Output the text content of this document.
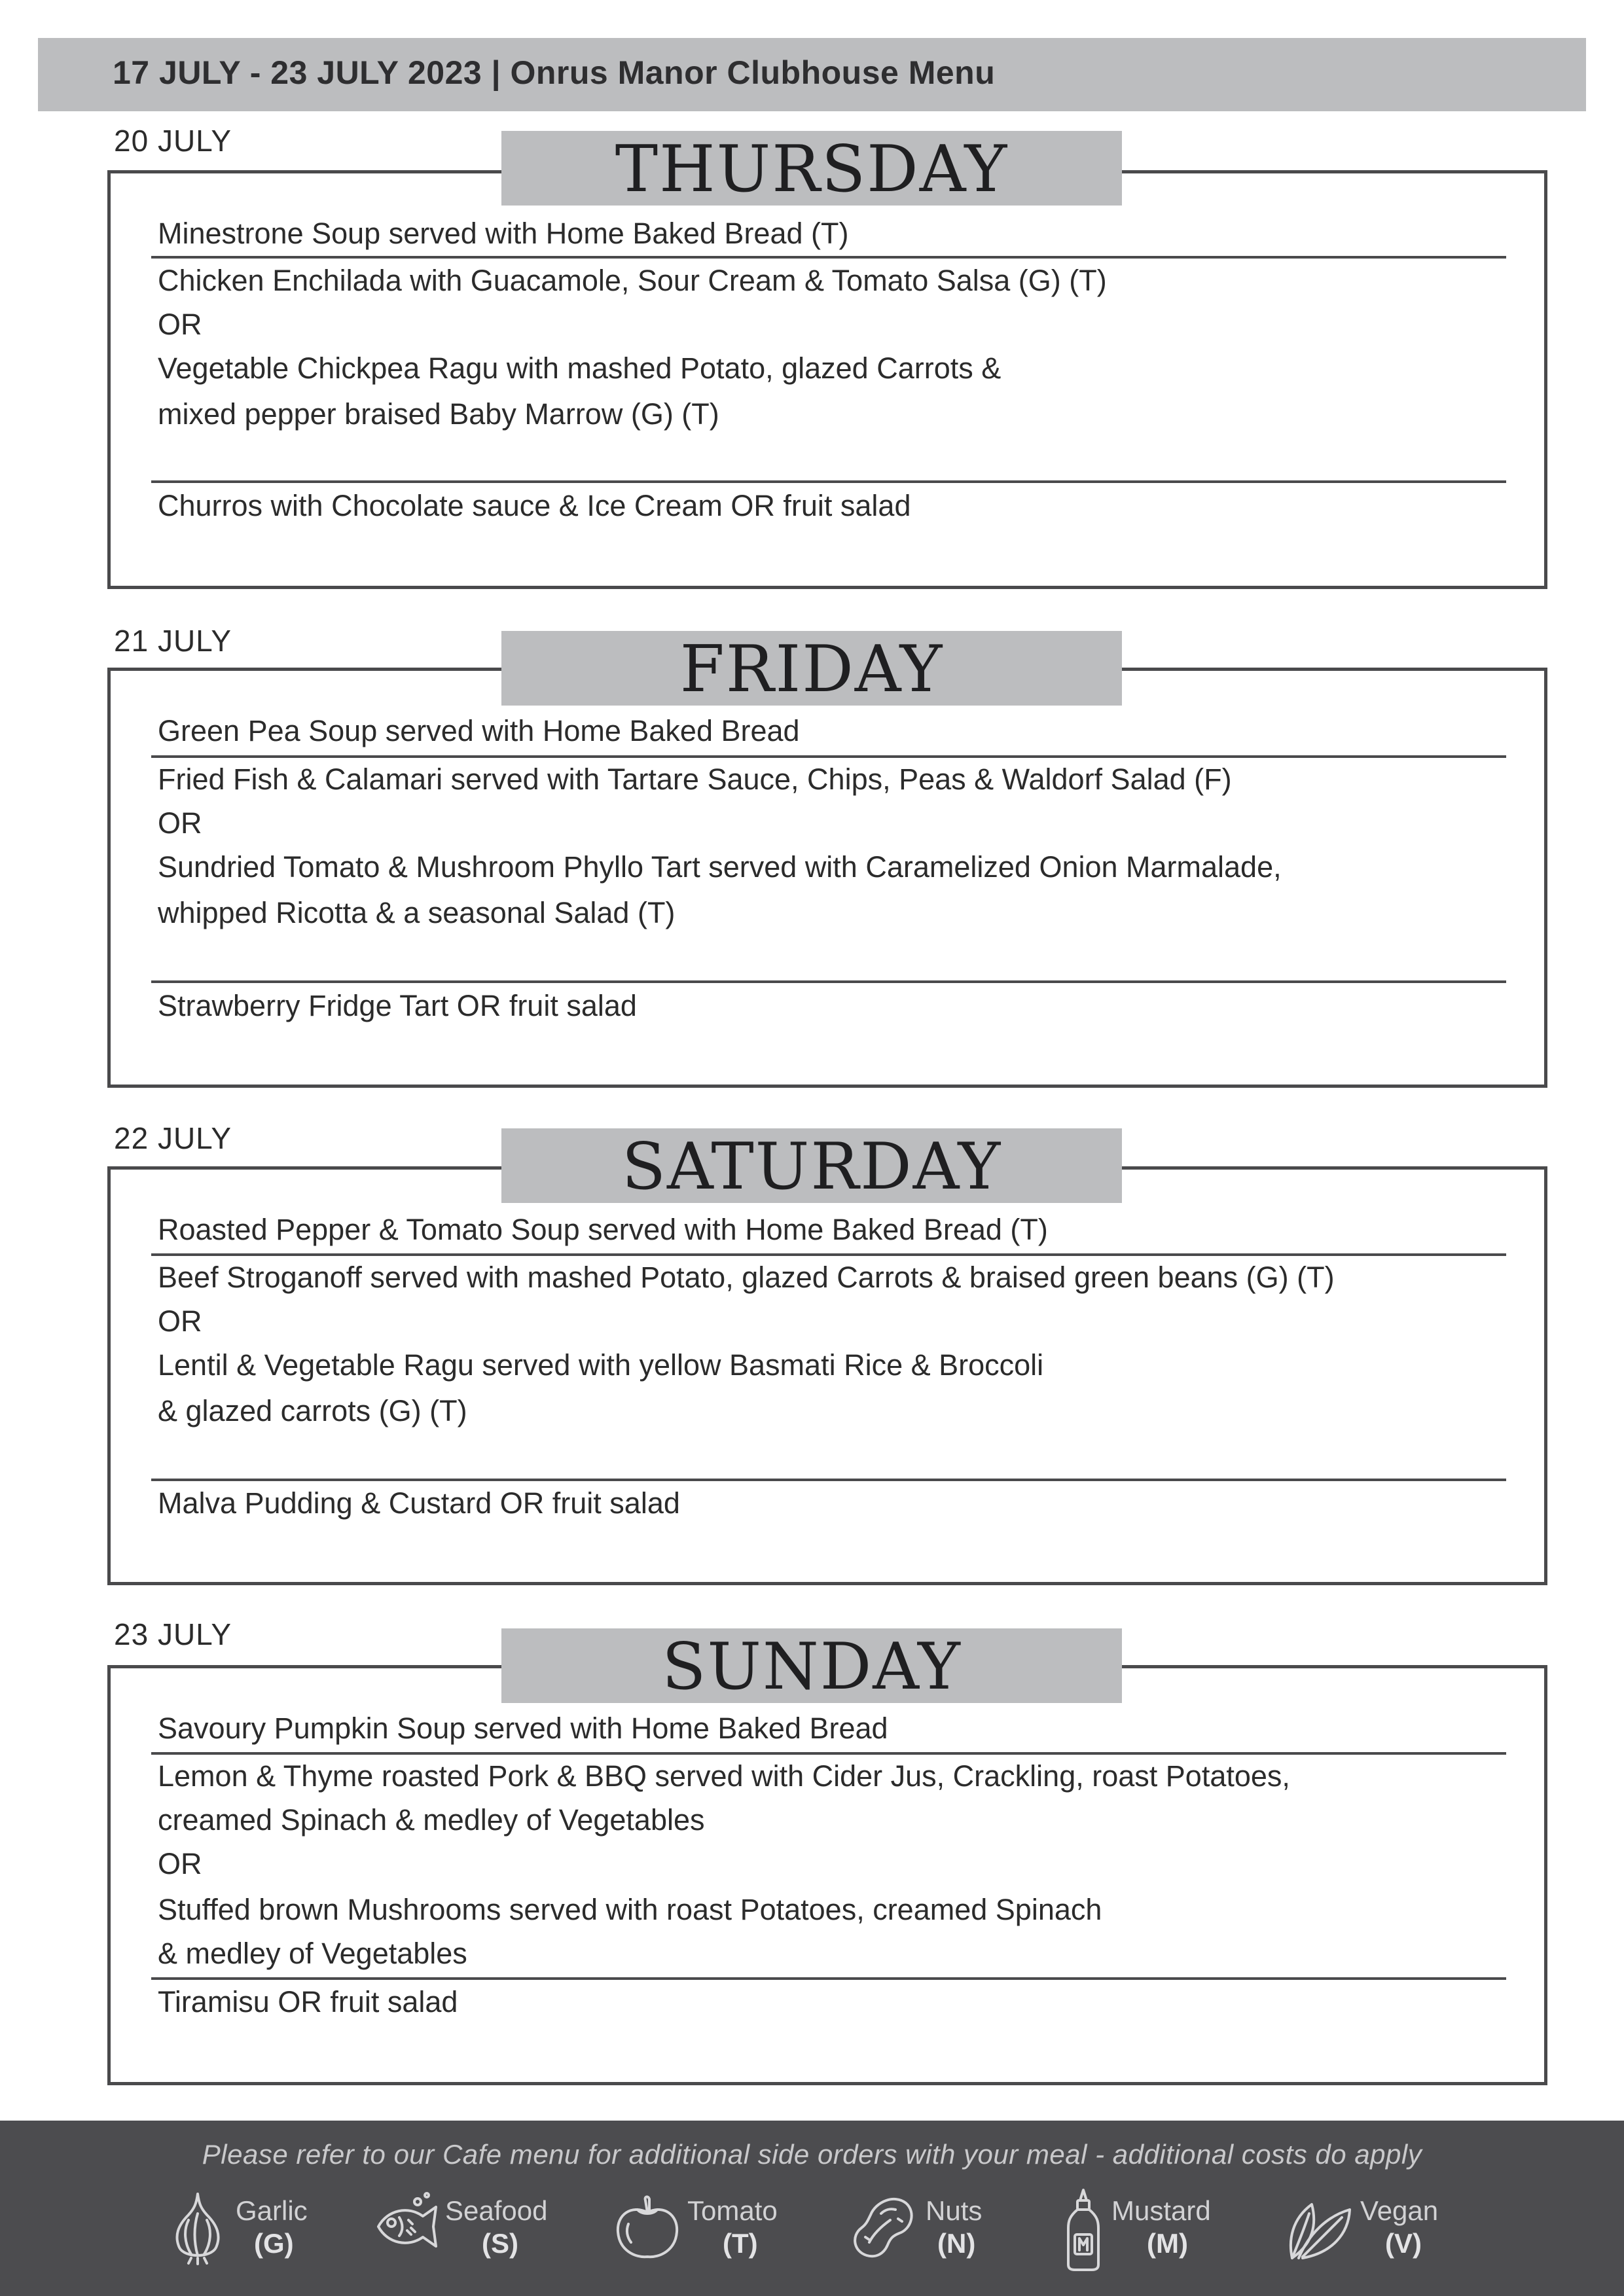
17 JULY - 23 JULY 2023 | Onrus Manor Clubhouse Menu
20 JULY
Minestrone Soup served with Home Baked Bread (T)
Chicken Enchilada with Guacamole, Sour Cream & Tomato Salsa (G) (T)
OR
Vegetable Chickpea Ragu with mashed Potato, glazed Carrots &
mixed pepper braised Baby Marrow (G) (T)
Churros with Chocolate sauce & Ice Cream OR fruit salad
THURSDAY
21 JULY
Green Pea Soup served with Home Baked Bread
Fried Fish & Calamari served with Tartare Sauce, Chips, Peas & Waldorf Salad (F)
OR
Sundried Tomato & Mushroom Phyllo Tart served with Caramelized Onion Marmalade,
whipped Ricotta & a seasonal Salad (T)
Strawberry Fridge Tart OR fruit salad
FRIDAY
22 JULY
Roasted Pepper & Tomato Soup served with Home Baked Bread (T)
Beef Stroganoff served with mashed Potato, glazed Carrots & braised green beans (G) (T)
OR
Lentil & Vegetable Ragu served with yellow Basmati Rice & Broccoli
& glazed carrots (G) (T)
Malva Pudding & Custard OR fruit salad
SATURDAY
23 JULY
Savoury Pumpkin Soup served with Home Baked Bread
Lemon & Thyme roasted Pork & BBQ served with Cider Jus, Crackling, roast Potatoes,
creamed Spinach & medley of Vegetables
OR
Stuffed brown Mushrooms served with roast Potatoes, creamed Spinach
& medley of Vegetables
Tiramisu OR fruit salad
SUNDAY
Please refer to our Cafe menu for additional side orders with your meal - additional costs do apply
Garlic
(G)
Seafood
(S)
Tomato
(T)
Nuts
(N)
Mustard
(M)
Vegan
(V)
